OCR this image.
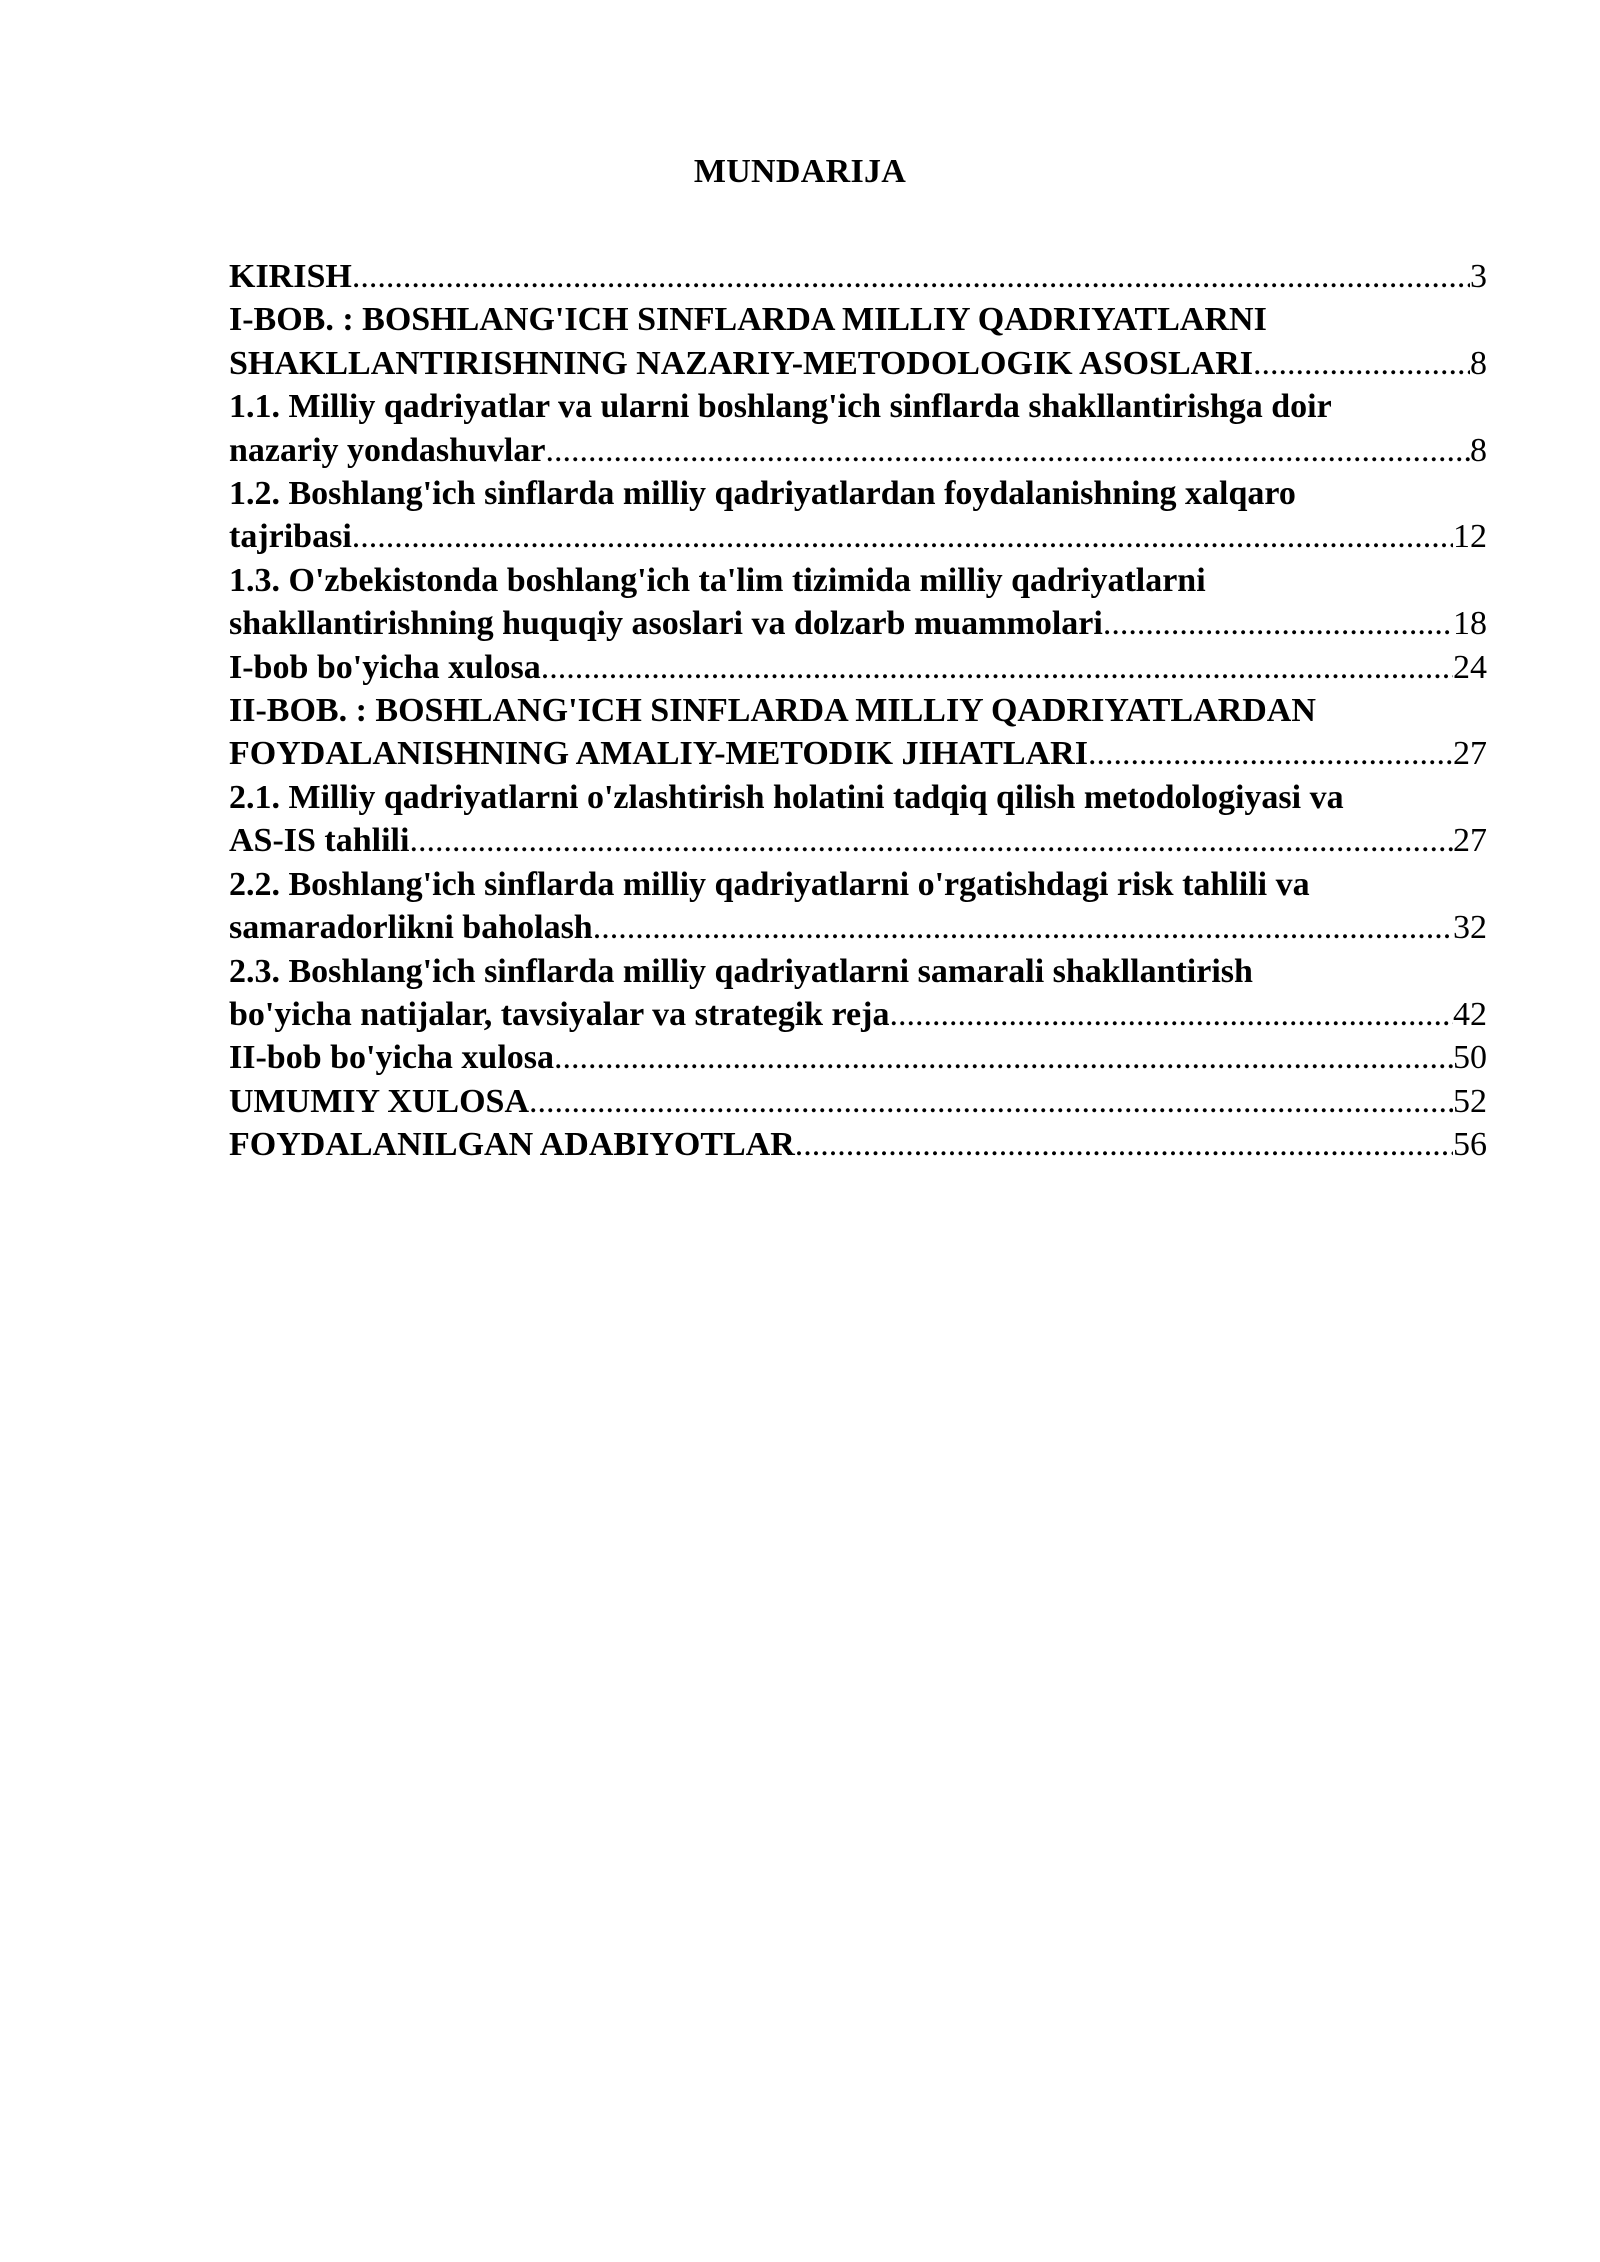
MUNDARIJA
KIRISH .....	3
I-BOB. : BOSHLANG'ICH SINFLARDA MILLIY QADRIYATLARNI
SHAKLLANTIRISHNING NAZARIY-METODOLOGIK ASOSLARI .....	8
1.1. Milliy qadriyatlar va ularni boshlang'ich sinflarda shakllantirishga doir
nazariy yondashuvlar .....	8
1.2. Boshlang'ich sinflarda milliy qadriyatlardan foydalanishning xalqaro
tajribasi .....	12
1.3. O'zbekistonda boshlang'ich ta'lim tizimida milliy qadriyatlarni
shakllantirishning huquqiy asoslari va dolzarb muammolari .....	18
I-bob bo'yicha xulosa .....	24
II-BOB. : BOSHLANG'ICH SINFLARDA MILLIY QADRIYATLARDAN
FOYDALANISHNING AMALIY-METODIK JIHATLARI .....	27
2.1. Milliy qadriyatlarni o'zlashtirish holatini tadqiq qilish metodologiyasi va
AS-IS tahlili .....	27
2.2. Boshlang'ich sinflarda milliy qadriyatlarni o'rgatishdagi risk tahlili va
samaradorlikni baholash .....	32
2.3. Boshlang'ich sinflarda milliy qadriyatlarni samarali shakllantirish
bo'yicha natijalar, tavsiyalar va strategik reja .....	42
II-bob bo'yicha xulosa .....	50
UMUMIY XULOSA .....	52
FOYDALANILGAN ADABIYOTLAR .....	56
